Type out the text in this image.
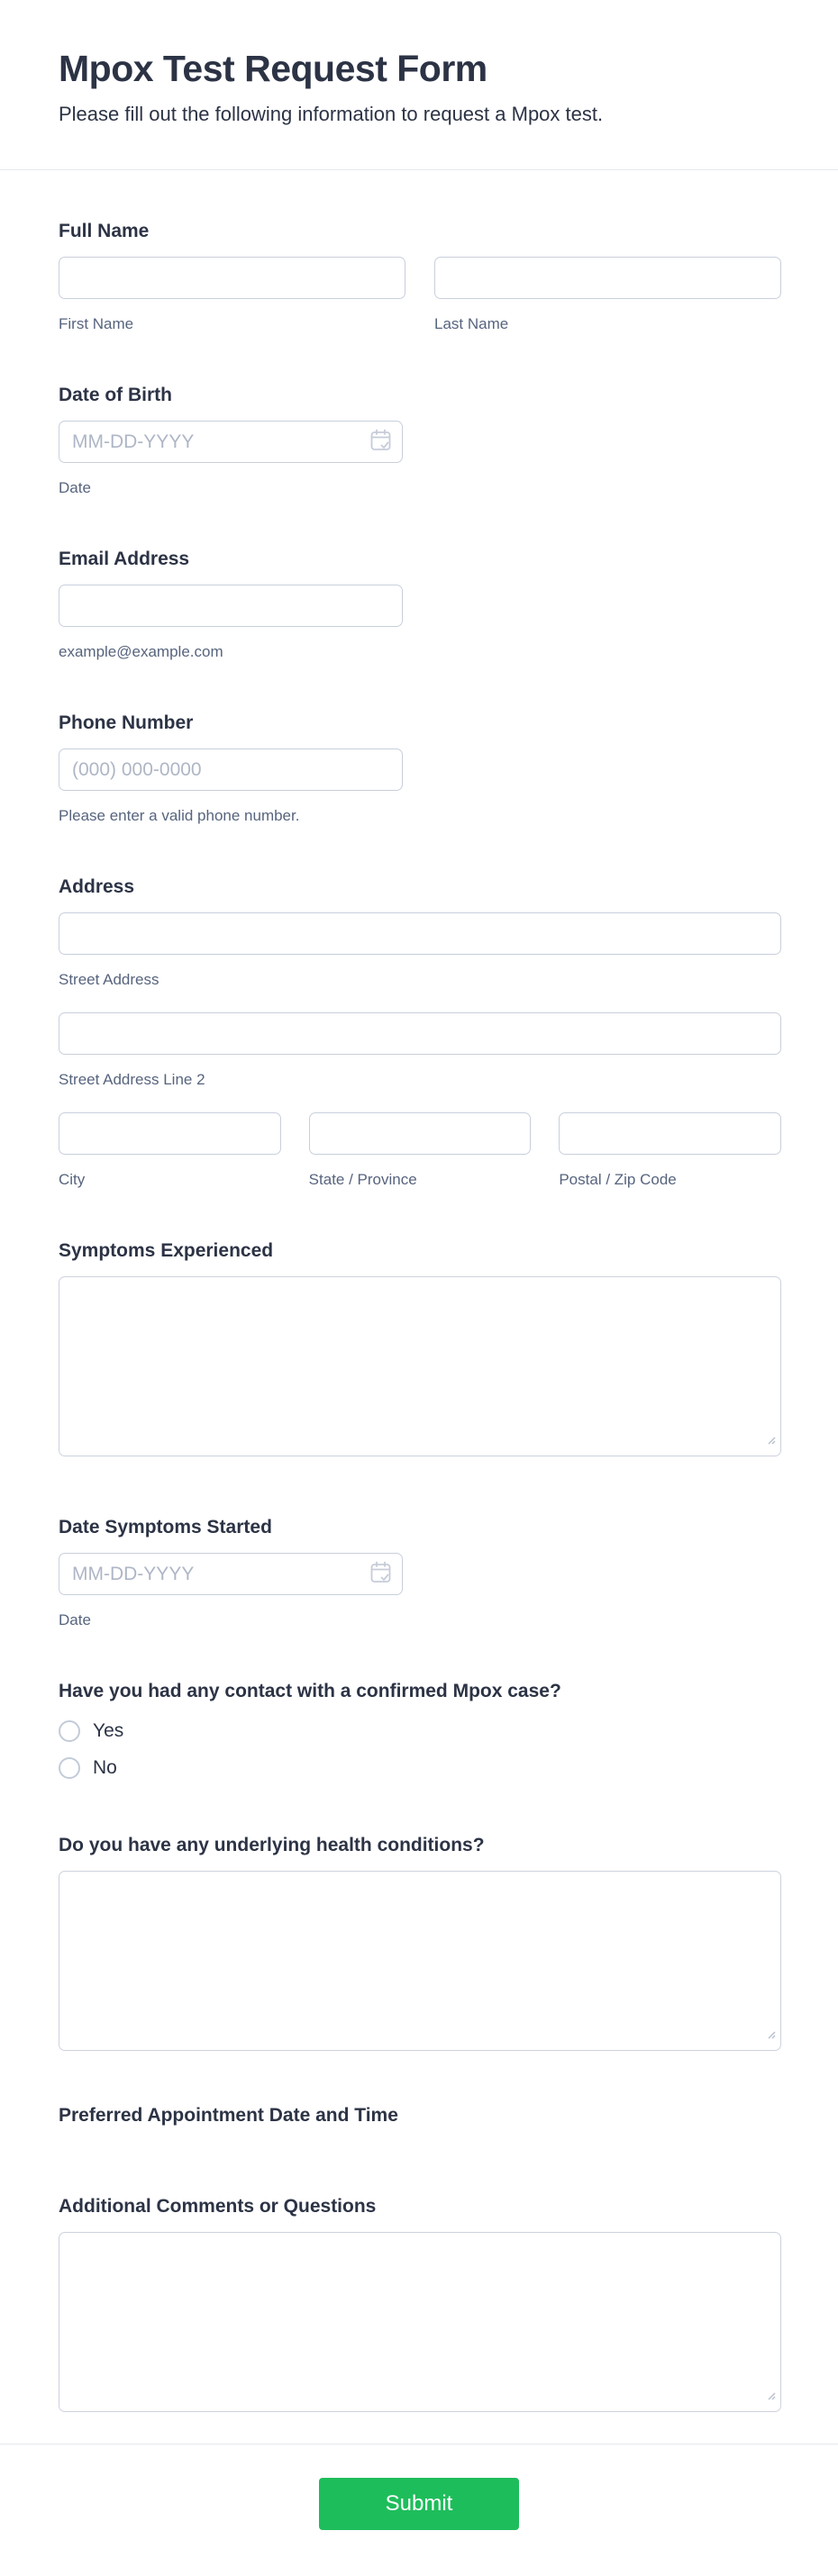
Mpox Test Request Form

Please fill out the following information to request a Mpox test.

Full Name
First Name	Last Name
Date of Birth
MM-DD-YYYY
Date
Email Address
example@example.com
Phone Number
(000) 000-0000
Please enter a valid phone number.
Address
Street Address
Street Address Line 2
City	State / Province	Postal / Zip Code
Symptoms Experienced
Date Symptoms Started
MM-DD-YYYY
Date
Have you had any contact with a confirmed Mpox case?
Yes
No
Do you have any underlying health conditions?
Preferred Appointment Date and Time
Additional Comments or Questions
Submit
